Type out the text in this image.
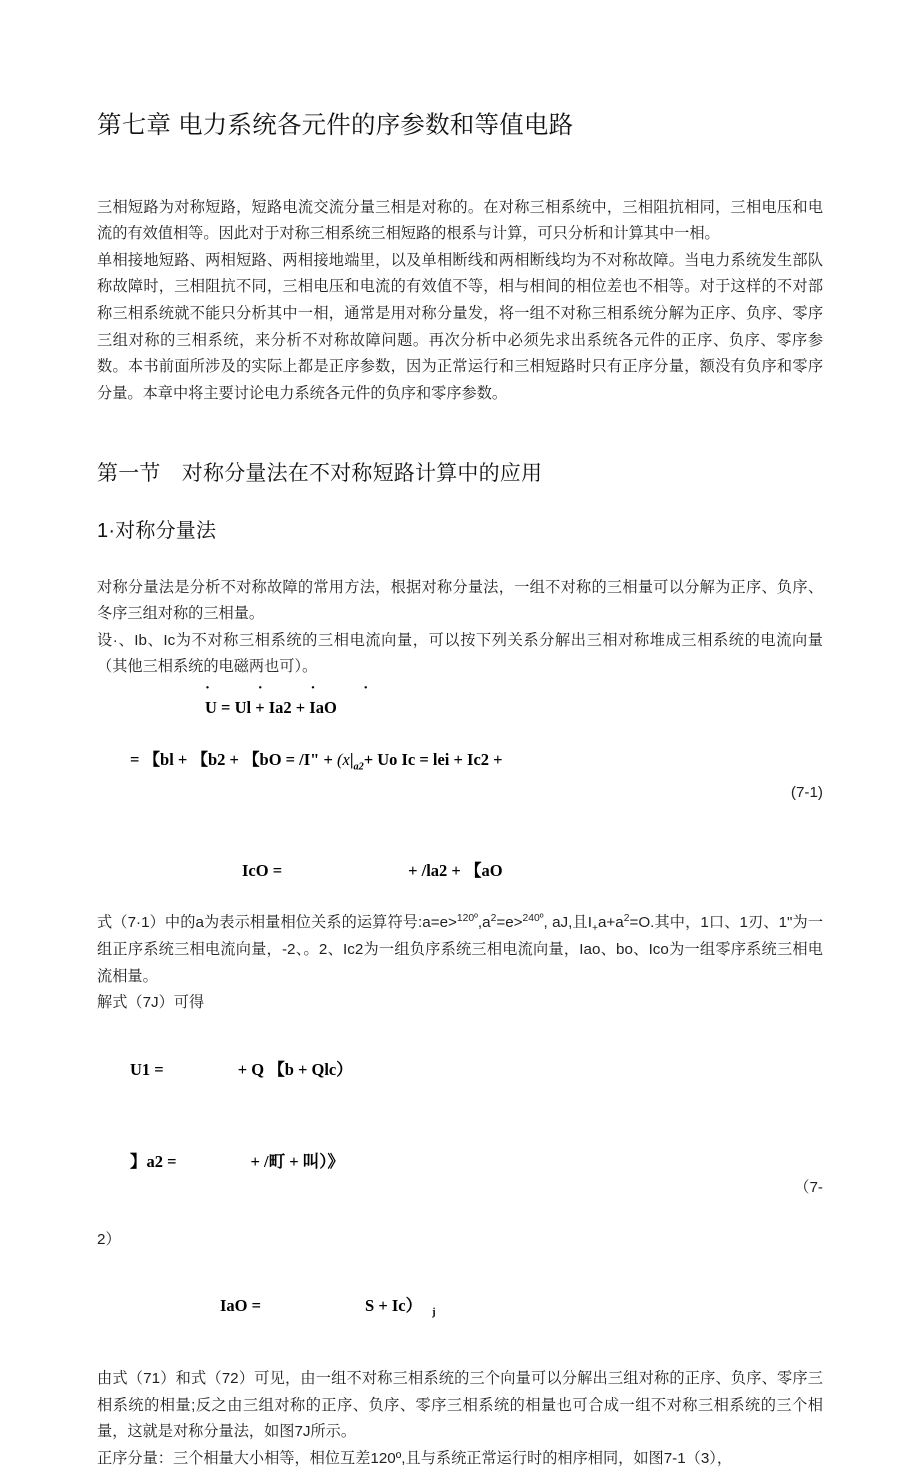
第七章 电力系统各元件的序参数和等值电路

三相短路为对称短路，短路电流交流分量三相是对称的。在对称三相系统中，三相阻抗相同，三相电压和电流的有效值相等。因此对于对称三相系统三相短路的根系与计算，可只分析和计算其中一相。

单相接地短路、两相短路、两相接地端里，以及单相断线和两相断线均为不对称故障。当电力系统发生部队称故障时，三相阻抗不同，三相电压和电流的有效值不等，相与相间的相位差也不相等。对于这样的不对部称三相系统就不能只分析其中一相，通常是用对称分量发，将一组不对称三相系统分解为正序、负序、零序三组对称的三相系统，来分析不对称故障问题。再次分析中必须先求出系统各元件的正序、负序、零序参数。本书前面所涉及的实际上都是正序参数，因为正常运行和三相短路时只有正序分量，额没有负序和零序分量。本章中将主要讨论电力系统各元件的负序和零序参数。

第一节　对称分量法在不对称短路计算中的应用
1·对称分量法

对称分量法是分析不对称故障的常用方法，根据对称分量法，一组不对称的三相量可以分解为正序、负序、冬序三组对称的三相量。

设·、Ib、Ic为不对称三相系统的三相电流向量，可以按下列关系分解出三相对称堆成三相系统的电流向量（其他三相系统的电磁两也可）。

· · · ·
U = Ul + Ia2 + IaO

= 【bl + 【b2 + 【bO = /I" + ($x|_{a2}+ Uo$ Ic = lei + Ic2 +

(7-1)

IcO =	+ /la2 + 【aO

式（7·1）中的a为表示相量相位关系的运算符号$:a=e>^{120º},a^2=e>^{240º}$, aJ,且$I_+a+a^2=O$.其中，1口、1刃、1"为一组正序系统三相电流向量，-2、。2、Ic2为一组负序系统三相电流向量，Iao、bo、Ico为一组零序系统三相电流相量。

解式（7J）可得

U1 =	+ Q 【b + Qlc）

】a2 =	+ /町 + 叫）》

（7-

2）

IaO =	S + Ic） $_j$

由式（71）和式（72）可见，由一组不对称三相系统的三个向量可以分解出三组对称的正序、负序、零序三相系统的相量;反之由三组对称的正序、负序、零序三相系统的相量也可合成一组不对称三相系统的三个相量，这就是对称分量法，如图7J所示。

正序分量：三个相量大小相等，相位互差120º,且与系统正常运行时的相序相同，如图7-1（3），
